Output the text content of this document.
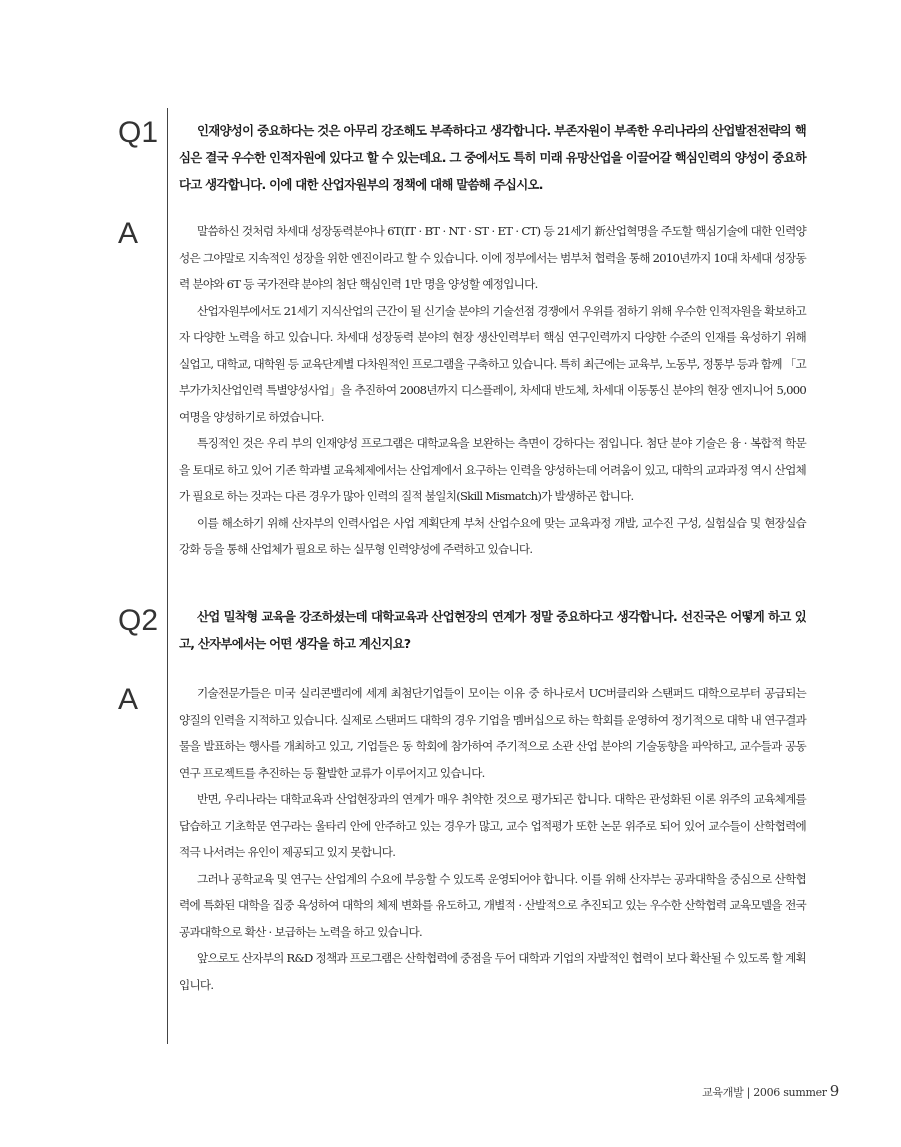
Q1	인재양성이 중요하다는 것은 아무리 강조해도 부족하다고 생각합니다. 부존자원이 부족한 우리나라의 산업발전전략의 핵심은 결국 우수한 인적자원에 있다고 할 수 있는데요. 그 중에서도 특히 미래 유망산업을 이끌어갈 핵심인력의 양성이 중요하다고 생각합니다. 이에 대한 산업자원부의 정책에 대해 말씀해 주십시오.

A	말씀하신 것처럼 차세대 성장동력분야나 6T(IT · BT · NT · ST · ET · CT) 등 21세기 新산업혁명을 주도할 핵심기술에 대한 인력양성은 그야말로 지속적인 성장을 위한 엔진이라고 할 수 있습니다. 이에 정부에서는 범부처 협력을 통해 2010년까지 10대 차세대 성장동력 분야와 6T 등 국가전략 분야의 첨단 핵심인력 1만 명을 양성할 예정입니다.

산업자원부에서도 21세기 지식산업의 근간이 될 신기술 분야의 기술선점 경쟁에서 우위를 점하기 위해 우수한 인적자원을 확보하고자 다양한 노력을 하고 있습니다. 차세대 성장동력 분야의 현장 생산인력부터 핵심 연구인력까지 다양한 수준의 인재를 육성하기 위해 실업고, 대학교, 대학원 등 교육단계별 다차원적인 프로그램을 구축하고 있습니다. 특히 최근에는 교육부, 노동부, 정통부 등과 함께 「고부가가치산업인력 특별양성사업」을 추진하여 2008년까지 디스플레이, 차세대 반도체, 차세대 이동통신 분야의 현장 엔지니어 5,000여명을 양성하기로 하였습니다.

특징적인 것은 우리 부의 인재양성 프로그램은 대학교육을 보완하는 측면이 강하다는 점입니다. 첨단 분야 기술은 융 · 복합적 학문을 토대로 하고 있어 기존 학과별 교육체제에서는 산업계에서 요구하는 인력을 양성하는데 어려움이 있고, 대학의 교과과정 역시 산업체가 필요로 하는 것과는 다른 경우가 많아 인력의 질적 불일치(Skill Mismatch)가 발생하곤 합니다.

이를 해소하기 위해 산자부의 인력사업은 사업 계획단계 부처 산업수요에 맞는 교육과정 개발, 교수진 구성, 실험실습 및 현장실습 강화 등을 통해 산업체가 필요로 하는 실무형 인력양성에 주력하고 있습니다.

Q2	산업 밀착형 교육을 강조하셨는데 대학교육과 산업현장의 연계가 정말 중요하다고 생각합니다. 선진국은 어떻게 하고 있고, 산자부에서는 어떤 생각을 하고 계신지요?

A	기술전문가들은 미국 실리콘밸리에 세계 최첨단기업들이 모이는 이유 중 하나로서 UC버클리와 스탠퍼드 대학으로부터 공급되는 양질의 인력을 지적하고 있습니다. 실제로 스탠퍼드 대학의 경우 기업을 멤버십으로 하는 학회를 운영하여 정기적으로 대학 내 연구결과물을 발표하는 행사를 개최하고 있고, 기업들은 동 학회에 참가하여 주기적으로 소관 산업 분야의 기술동향을 파악하고, 교수들과 공동연구 프로젝트를 추진하는 등 활발한 교류가 이루어지고 있습니다.

반면, 우리나라는 대학교육과 산업현장과의 연계가 매우 취약한 것으로 평가되곤 합니다. 대학은 관성화된 이론 위주의 교육체계를 답습하고 기초학문 연구라는 울타리 안에 안주하고 있는 경우가 많고, 교수 업적평가 또한 논문 위주로 되어 있어 교수들이 산학협력에 적극 나서려는 유인이 제공되고 있지 못합니다.

그러나 공학교육 및 연구는 산업계의 수요에 부응할 수 있도록 운영되어야 합니다. 이를 위해 산자부는 공과대학을 중심으로 산학협력에 특화된 대학을 집중 육성하여 대학의 체제 변화를 유도하고, 개별적 · 산발적으로 추진되고 있는 우수한 산학협력 교육모델을 전국 공과대학으로 확산 · 보급하는 노력을 하고 있습니다.

앞으로도 산자부의 R&D 정책과 프로그램은 산학협력에 중점을 두어 대학과 기업의 자발적인 협력이 보다 확산될 수 있도록 할 계획입니다.

교육개발 | 2006 summer 9
